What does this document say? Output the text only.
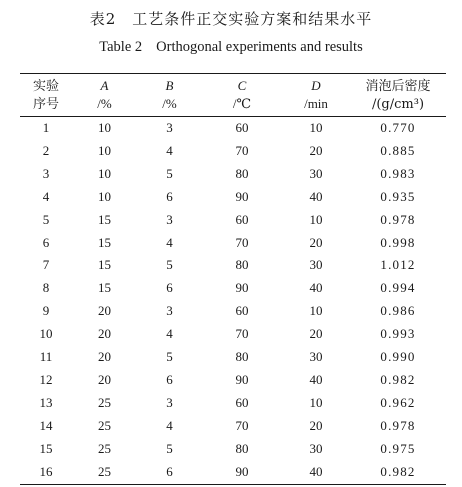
表2 工艺条件正交实验方案和结果水平
Table 2 Orthogonal experiments and results
实验	A	B	C	D	消泡后密度
序号	/%	/%	/℃	/min	/(g/cm³)
1	10	3	60	10	0.770
2	10	4	70	20	0.885
3	10	5	80	30	0.983
4	10	6	90	40	0.935
5	15	3	60	10	0.978
6	15	4	70	20	0.998
7	15	5	80	30	1.012
8	15	6	90	40	0.994
9	20	3	60	10	0.986
10	20	4	70	20	0.993
11	20	5	80	30	0.990
12	20	6	90	40	0.982
13	25	3	60	10	0.962
14	25	4	70	20	0.978
15	25	5	80	30	0.975
16	25	6	90	40	0.982
